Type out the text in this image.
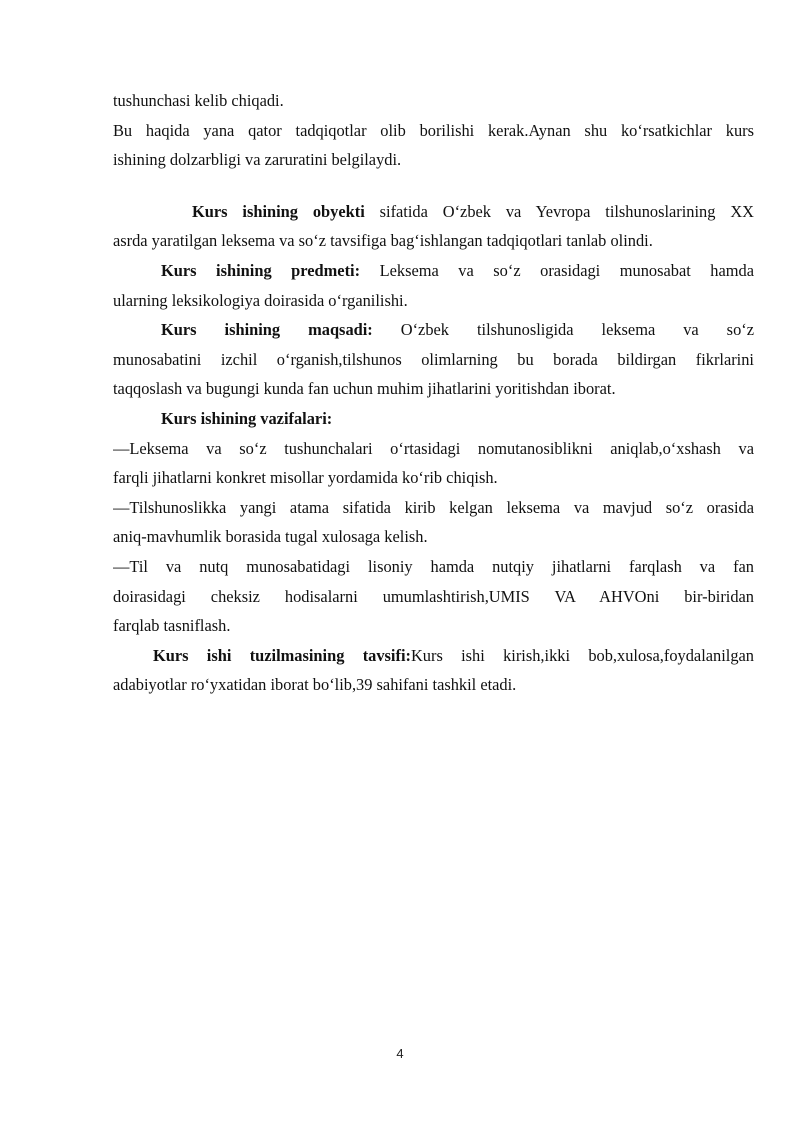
tushunchasi kelib chiqadi.
Bu haqida yana qator tadqiqotlar olib borilishi kerak.Aynan shu ko‘rsatkichlar kurs
ishining dolzarbligi va zaruratini belgilaydi.
Kurs ishining obyekti sifatida O‘zbek va Yevropa tilshunoslarining XX
asrda yaratilgan leksema va so‘z tavsifiga bag‘ishlangan tadqiqotlari tanlab olindi.
Kurs ishining predmeti: Leksema va so‘z orasidagi munosabat hamda
ularning leksikologiya doirasida o‘rganilishi.
Kurs ishining maqsadi: O‘zbek tilshunosligida leksema va so‘z
munosabatini izchil o‘rganish,tilshunos olimlarning bu borada bildirgan fikrlarini
taqqoslash va bugungi kunda fan uchun muhim jihatlarini yoritishdan iborat.
Kurs ishining vazifalari:
—Leksema va so‘z tushunchalari o‘rtasidagi nomutanosiblikni aniqlab,o‘xshash va
farqli jihatlarni konkret misollar yordamida ko‘rib chiqish.
—Tilshunoslikka yangi atama sifatida kirib kelgan leksema va mavjud so‘z orasida
aniq-mavhumlik borasida tugal xulosaga kelish.
—Til va nutq munosabatidagi lisoniy hamda nutqiy jihatlarni farqlash va fan
doirasidagi cheksiz hodisalarni umumlashtirish,UMIS VA AHVOni bir-biridan
farqlab tasniflash.
Kurs ishi tuzilmasining tavsifi:Kurs ishi kirish,ikki bob,xulosa,foydalanilgan
adabiyotlar ro‘yxatidan iborat bo‘lib,39 sahifani tashkil etadi.
4
